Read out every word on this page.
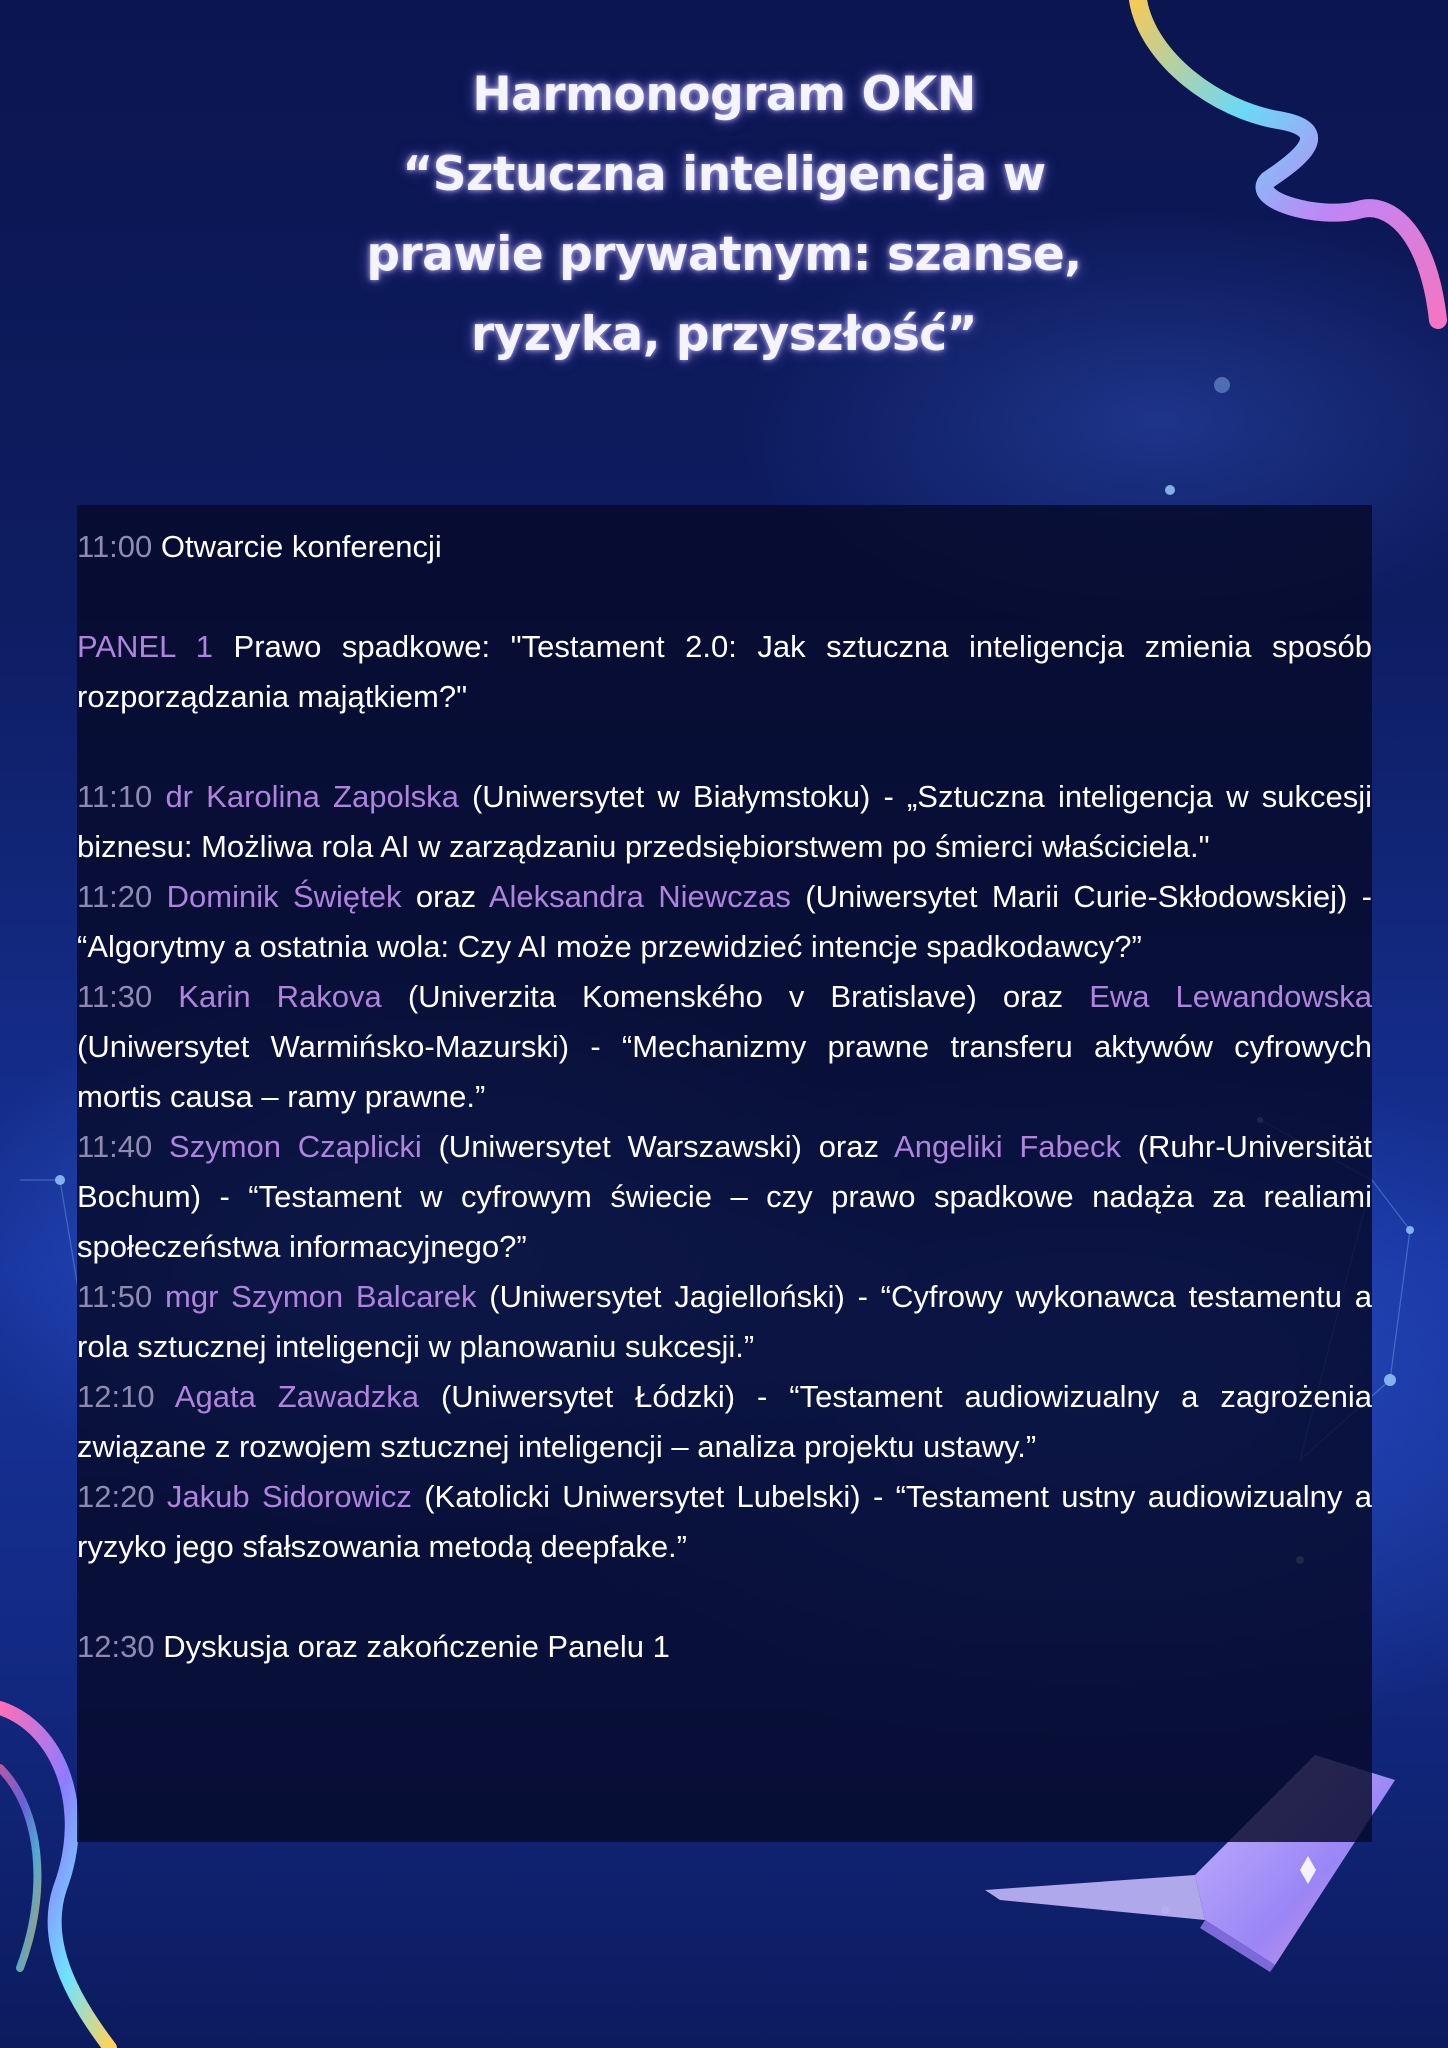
Harmonogram OKN
“Sztuczna inteligencja w
prawie prywatnym: szanse,
ryzyka, przyszłość”

11:00 Otwarcie konferencji

PANEL 1 Prawo spadkowe: "Testament 2.0: Jak sztuczna inteligencja zmienia sposób rozporządzania majątkiem?"

11:10 dr Karolina Zapolska (Uniwersytet w Białymstoku) - „Sztuczna inteligencja w sukcesji biznesu: Możliwa rola AI w zarządzaniu przedsiębiorstwem po śmierci właściciela."

11:20 Dominik Świętek oraz Aleksandra Niewczas (Uniwersytet Marii Curie-Skłodowskiej) - “Algorytmy a ostatnia wola: Czy AI może przewidzieć intencje spadkodawcy?”

11:30 Karin Rakova (Univerzita Komenského v Bratislave) oraz Ewa Lewandowska (Uniwersytet Warmińsko-Mazurski) - “Mechanizmy prawne transferu aktywów cyfrowych mortis causa – ramy prawne.”

11:40 Szymon Czaplicki (Uniwersytet Warszawski) oraz Angeliki Fabeck (Ruhr-Universität Bochum) - “Testament w cyfrowym świecie – czy prawo spadkowe nadąża za realiami społeczeństwa informacyjnego?”

11:50 mgr Szymon Balcarek (Uniwersytet Jagielloński) - “Cyfrowy wykonawca testamentu a rola sztucznej inteligencji w planowaniu sukcesji.”

12:10 Agata Zawadzka (Uniwersytet Łódzki) - “Testament audiowizualny a zagrożenia związane z rozwojem sztucznej inteligencji – analiza projektu ustawy.”

12:20 Jakub Sidorowicz (Katolicki Uniwersytet Lubelski) - “Testament ustny audiowizualny a ryzyko jego sfałszowania metodą deepfake.”

12:30 Dyskusja oraz zakończenie Panelu 1
